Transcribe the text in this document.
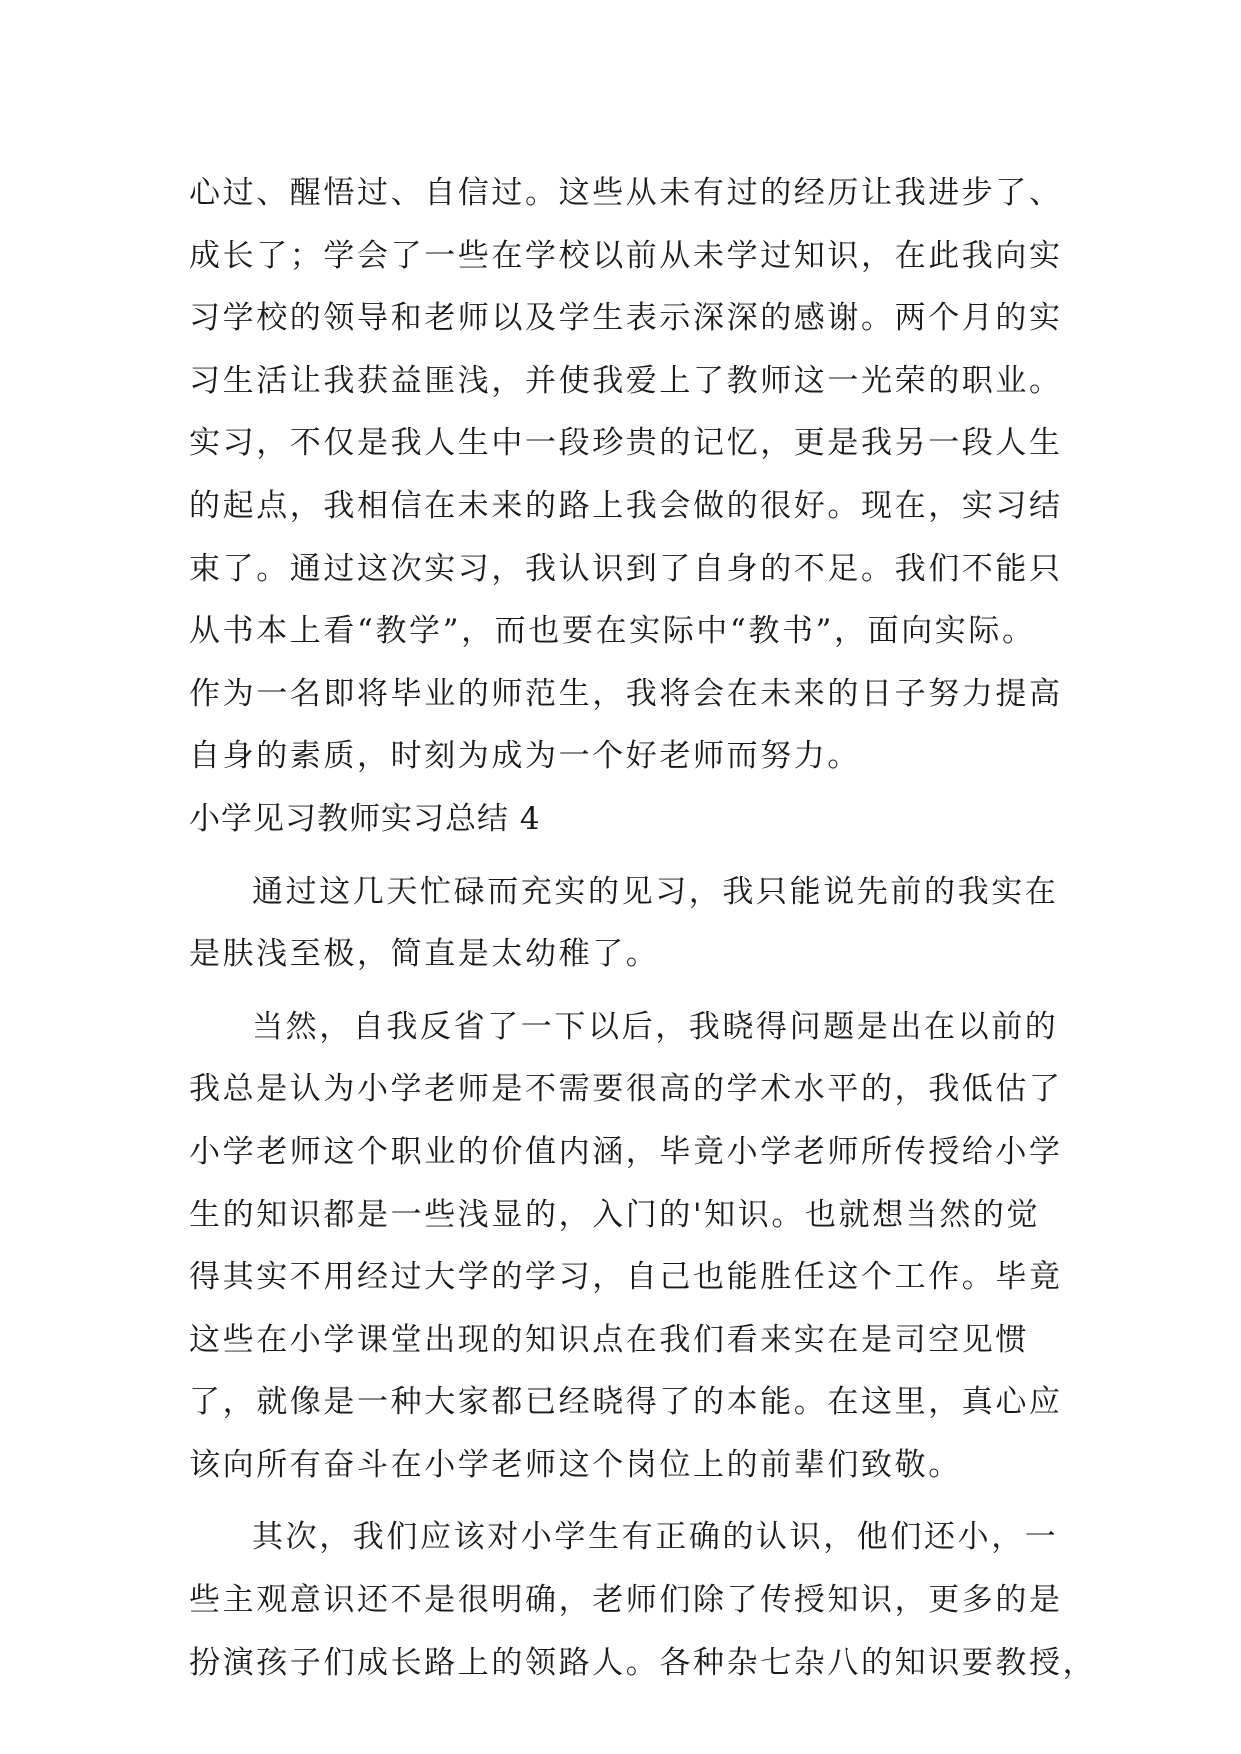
心过、醒悟过、自信过。这些从未有过的经历让我进步了、
成长了；学会了一些在学校以前从未学过知识，在此我向实
习学校的领导和老师以及学生表示深深的感谢。两个月的实
习生活让我获益匪浅，并使我爱上了教师这一光荣的职业。
实习，不仅是我人生中一段珍贵的记忆，更是我另一段人生
的起点，我相信在未来的路上我会做的很好。现在，实习结
束了。通过这次实习，我认识到了自身的不足。我们不能只
从书本上看“教学”，而也要在实际中“教书”，面向实际。
作为一名即将毕业的师范生，我将会在未来的日子努力提高
自身的素质，时刻为成为一个好老师而努力。
小学见习教师实习总结 4
通过这几天忙碌而充实的见习，我只能说先前的我实在
是肤浅至极，简直是太幼稚了。
当然，自我反省了一下以后，我晓得问题是出在以前的
我总是认为小学老师是不需要很高的学术水平的，我低估了
小学老师这个职业的价值内涵，毕竟小学老师所传授给小学
生的知识都是一些浅显的，入门的'知识。也就想当然的觉
得其实不用经过大学的学习，自己也能胜任这个工作。毕竟
这些在小学课堂出现的知识点在我们看来实在是司空见惯
了，就像是一种大家都已经晓得了的本能。在这里，真心应
该向所有奋斗在小学老师这个岗位上的前辈们致敬。
其次，我们应该对小学生有正确的认识，他们还小，一
些主观意识还不是很明确，老师们除了传授知识，更多的是
扮演孩子们成长路上的领路人。各种杂七杂八的知识要教授，
